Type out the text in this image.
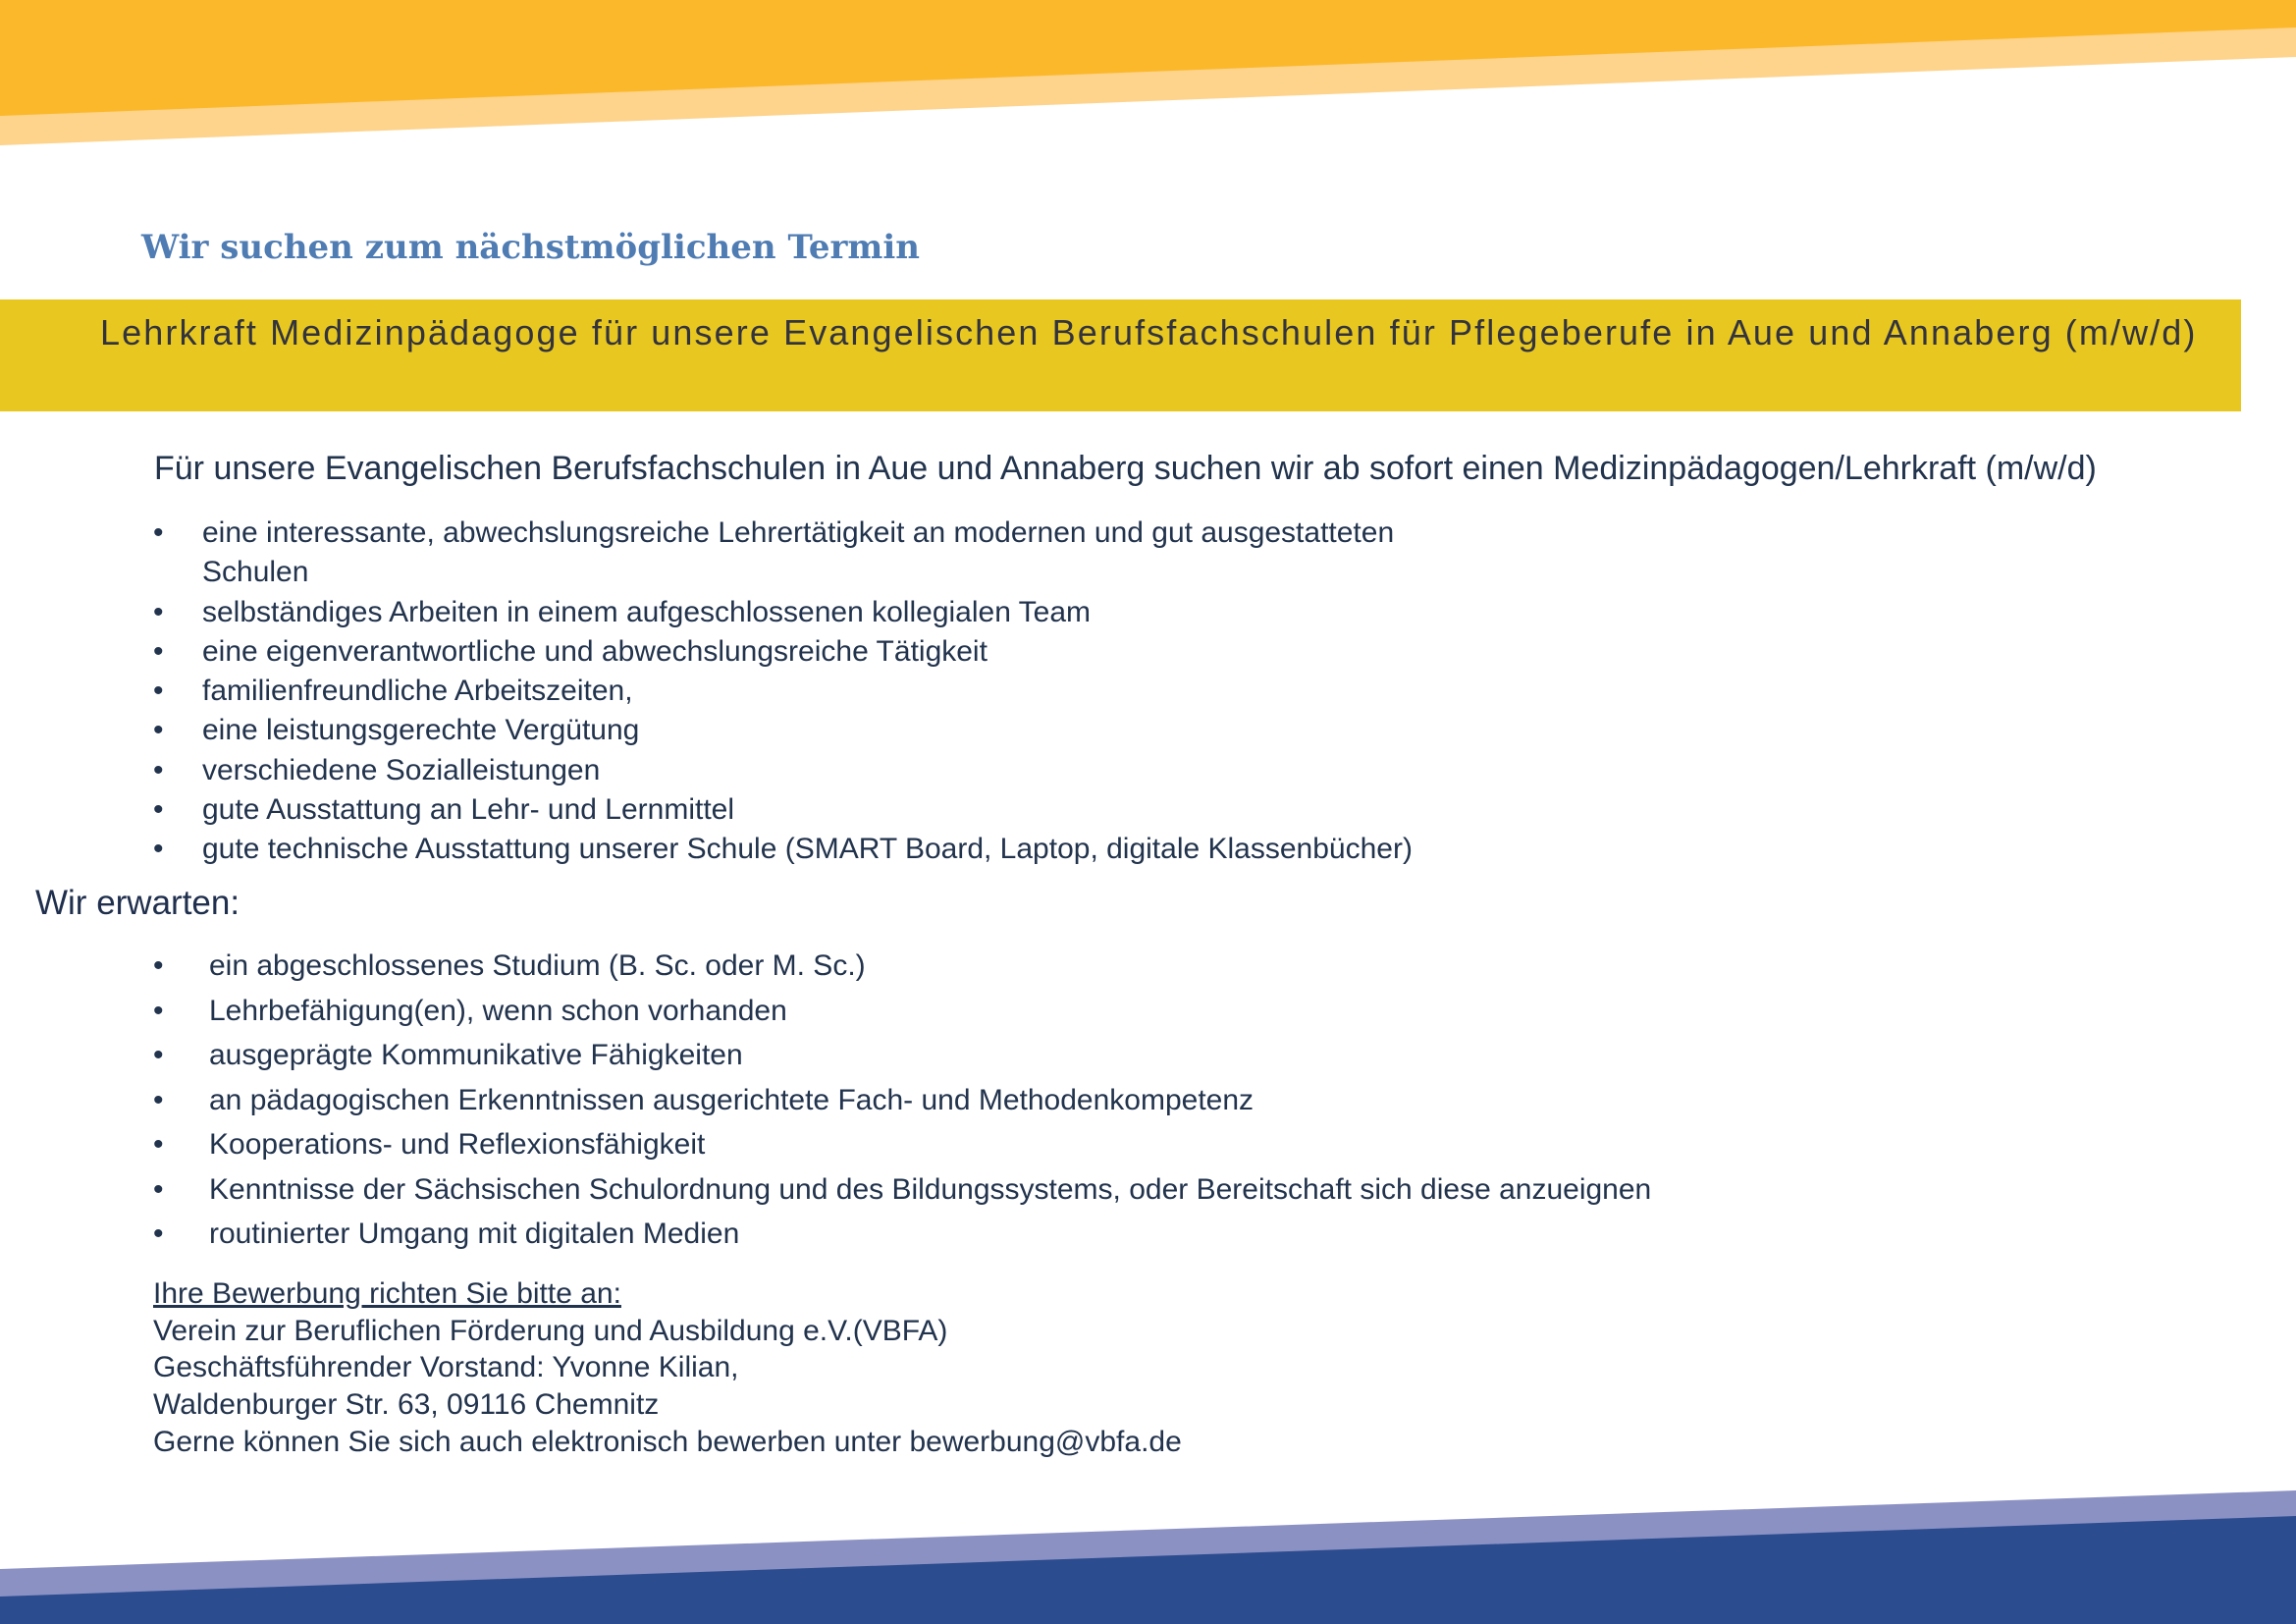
Wir suchen zum nächstmöglichen Termin
Lehrkraft Medizinpädagoge für unsere Evangelischen Berufsfachschulen für Pflegeberufe in Aue und Annaberg (m/w/d)
Für unsere Evangelischen Berufsfachschulen in Aue und Annaberg suchen wir ab sofort einen Medizinpädagogen/Lehrkraft (m/w/d)
• eine interessante, abwechslungsreiche Lehrertätigkeit an modernen und gut ausgestatteten
Schulen
• selbständiges Arbeiten in einem aufgeschlossenen kollegialen Team
• eine eigenverantwortliche und abwechslungsreiche Tätigkeit
• familienfreundliche Arbeitszeiten,
• eine leistungsgerechte Vergütung
• verschiedene Sozialleistungen
• gute Ausstattung an Lehr- und Lernmittel
• gute technische Ausstattung unserer Schule (SMART Board, Laptop, digitale Klassenbücher)
Wir erwarten:
• ein abgeschlossenes Studium (B. Sc. oder M. Sc.)
• Lehrbefähigung(en), wenn schon vorhanden
• ausgeprägte Kommunikative Fähigkeiten
• an pädagogischen Erkenntnissen ausgerichtete Fach- und Methodenkompetenz
• Kooperations- und Reflexionsfähigkeit
• Kenntnisse der Sächsischen Schulordnung und des Bildungssystems, oder Bereitschaft sich diese anzueignen
• routinierter Umgang mit digitalen Medien
Ihre Bewerbung richten Sie bitte an:
Verein zur Beruflichen Förderung und Ausbildung e.V.(VBFA)
Geschäftsführender Vorstand: Yvonne Kilian,
Waldenburger Str. 63, 09116 Chemnitz
Gerne können Sie sich auch elektronisch bewerben unter bewerbung@vbfa.de
